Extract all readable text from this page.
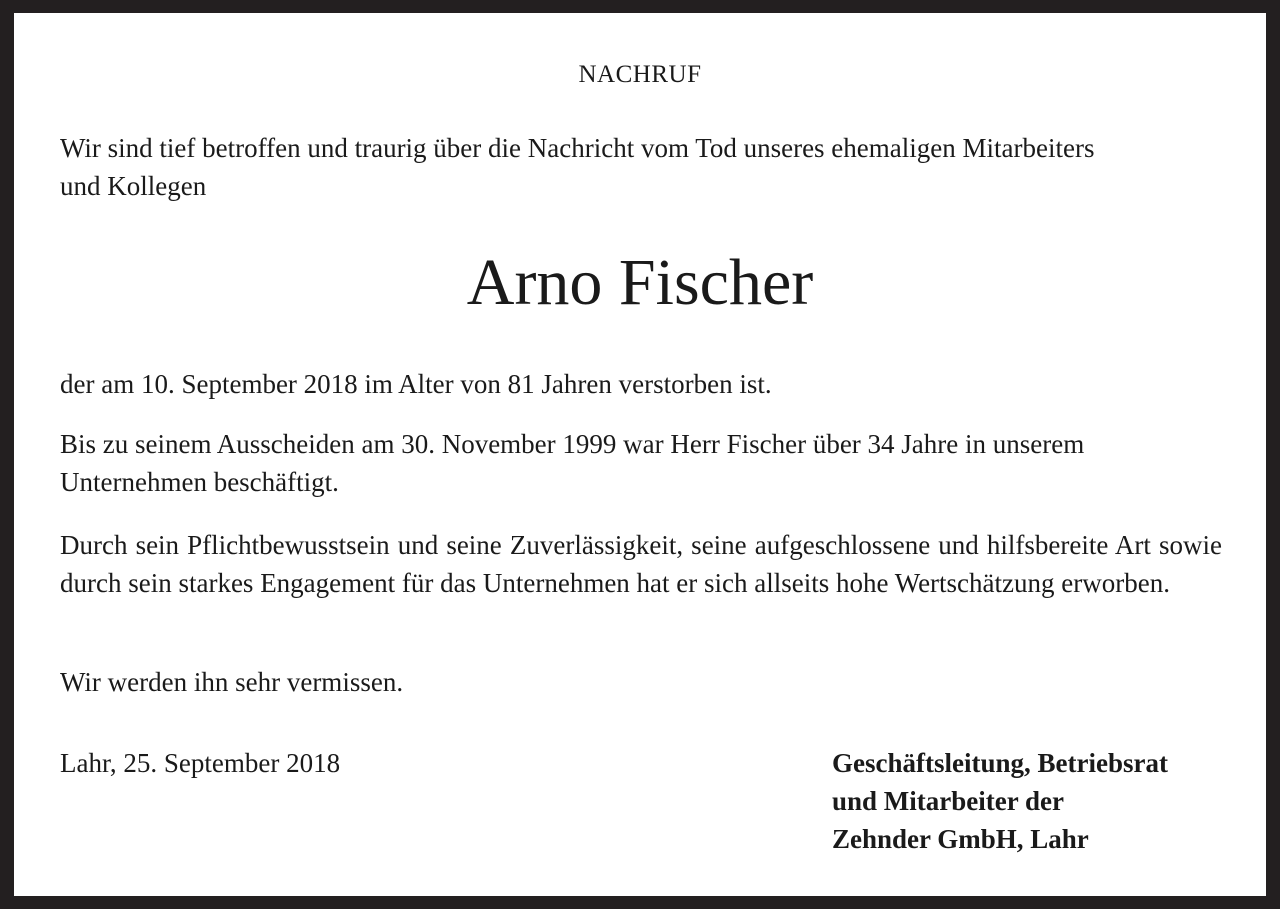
NACHRUF
Wir sind tief betroffen und traurig über die Nachricht vom Tod unseres ehemaligen Mitarbeiters und Kollegen
Arno Fischer
der am 10. September 2018 im Alter von 81 Jahren verstorben ist.
Bis zu seinem Ausscheiden am 30. November 1999 war Herr Fischer über 34 Jahre in unserem Unternehmen beschäftigt.
Durch sein Pflichtbewusstsein und seine Zuverlässigkeit, seine aufgeschlossene und hilfsbereite Art sowie durch sein starkes Engagement für das Unternehmen hat er sich allseits hohe Wertschätzung erworben.
Wir werden ihn sehr vermissen.
Lahr, 25. September 2018	Geschäftsleitung, Betriebsrat
und Mitarbeiter der
Zehnder GmbH, Lahr
